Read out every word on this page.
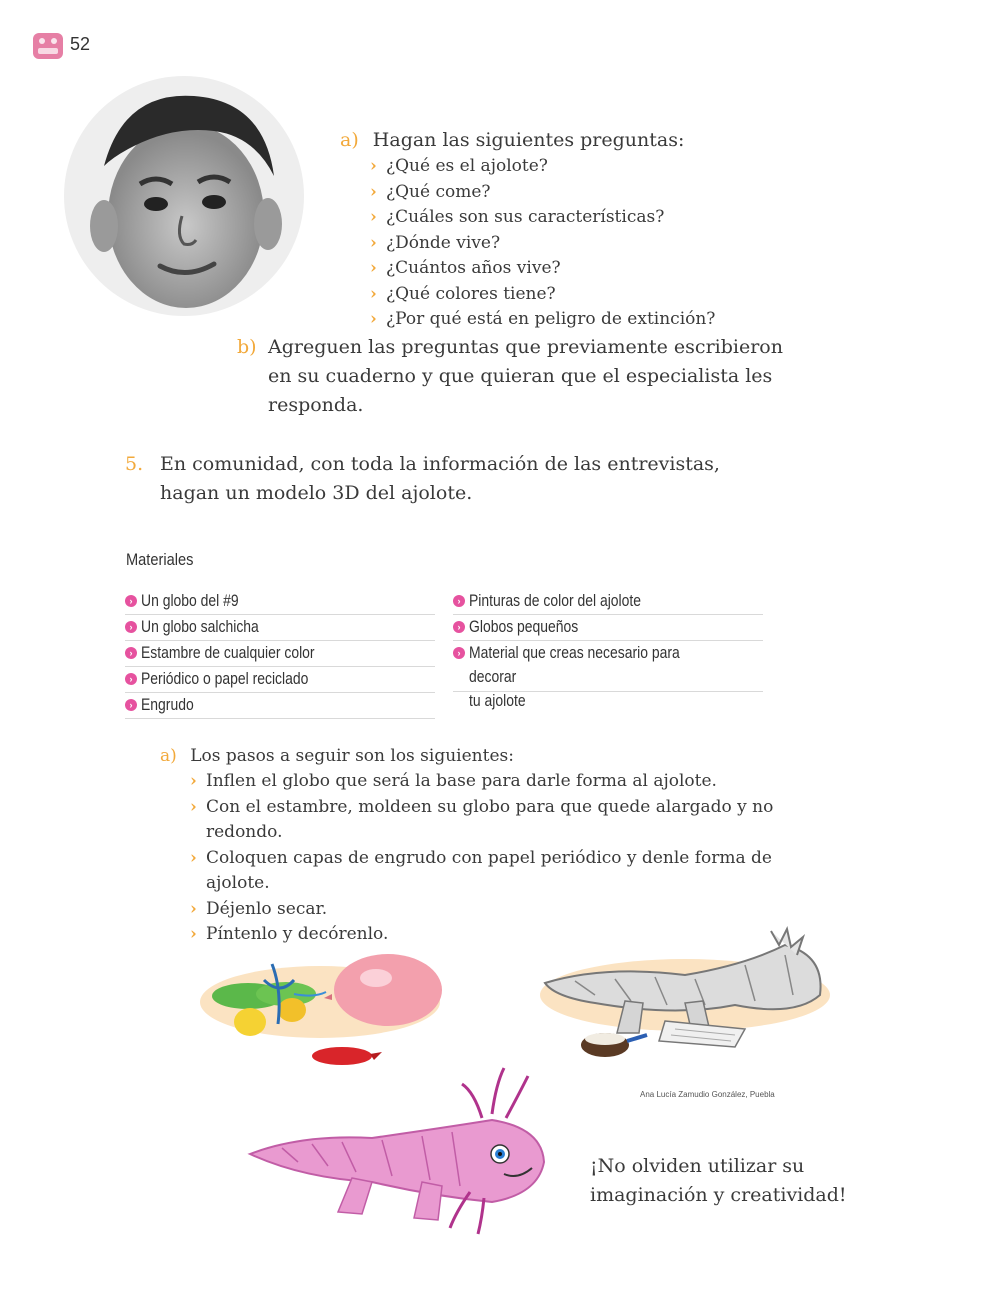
52
a) Hagan las siguientes preguntas:
› ¿Qué es el ajolote?
› ¿Qué come?
› ¿Cuáles son sus características?
› ¿Dónde vive?
› ¿Cuántos años vive?
› ¿Qué colores tiene?
› ¿Por qué está en peligro de extinción?
b) Agreguen las preguntas que previamente escribieron
en su cuaderno y que quieran que el especialista les
responda.
5. En comunidad, con toda la información de las entrevistas,
hagan un modelo 3D del ajolote.
Materiales
› Un globo del #9
› Un globo salchicha
› Estambre de cualquier color
› Periódico o papel reciclado
› Engrudo
› Pinturas de color del ajolote
› Globos pequeños
› Material que creas necesario para decorar
tu ajolote
a) Los pasos a seguir son los siguientes:
› Inflen el globo que será la base para darle forma al ajolote.
› Con el estambre, moldeen su globo para que quede alargado y no
redondo.
› Coloquen capas de engrudo con papel periódico y denle forma de
ajolote.
› Déjenlo secar.
› Píntenlo y decórenlo.
Ana Lucía Zamudio González, Puebla
¡No olviden utilizar su
imaginación y creatividad!
